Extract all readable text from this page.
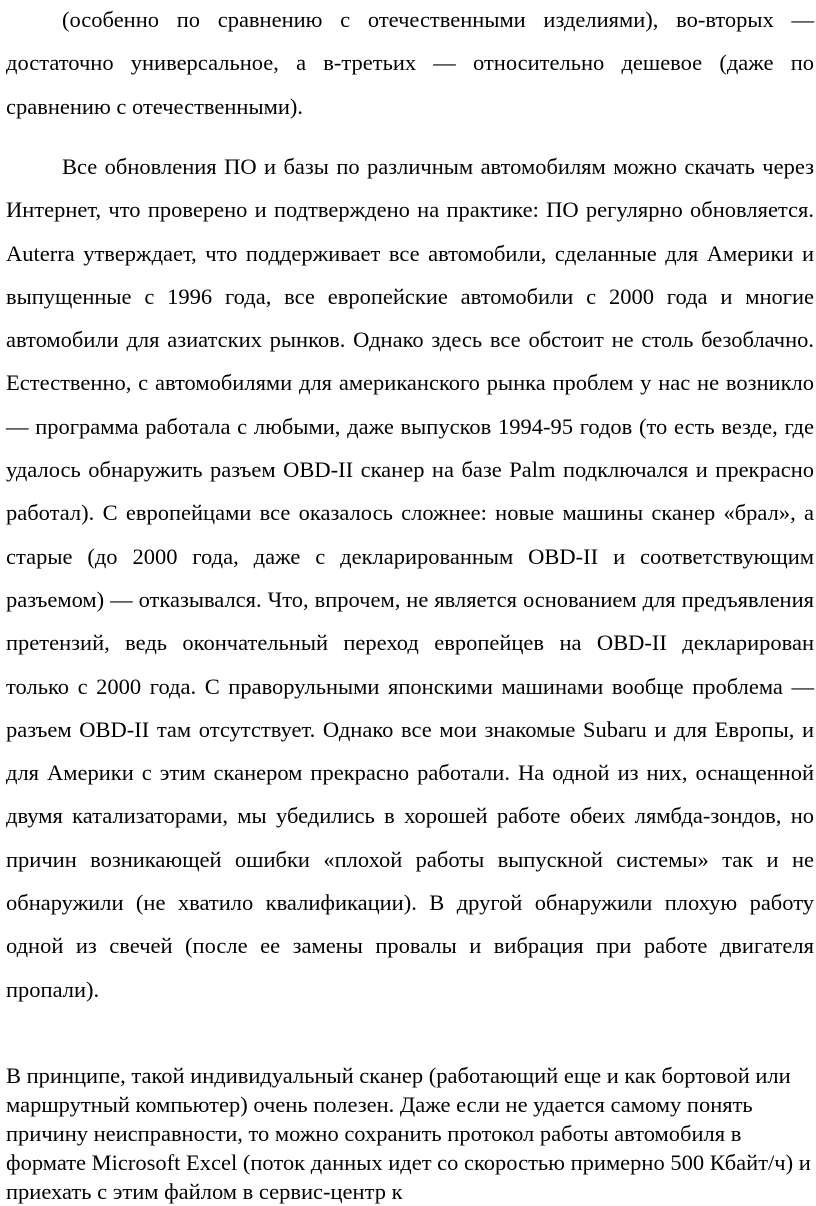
(особенно по сравнению с отечественными изделиями), во-вторых — достаточно универсальное, а в-третьих — относительно дешевое (даже по сравнению с отечественными).

Все обновления ПО и базы по различным автомобилям можно скачать через Интернет, что проверено и подтверждено на практике: ПО регулярно обновляется. Auterra утверждает, что поддерживает все автомобили, сделанные для Америки и выпущенные с 1996 года, все европейские автомобили с 2000 года и многие автомобили для азиатских рынков. Однако здесь все обстоит не столь безоблачно. Естественно, с автомобилями для американского рынка проблем у нас не возникло — программа работала с любыми, даже выпусков 1994-95 годов (то есть везде, где удалось обнаружить разъем OBD-II сканер на базе Palm подключался и прекрасно работал). С европейцами все оказалось сложнее: новые машины сканер «брал», а старые (до 2000 года, даже с декларированным OBD-II и соответствующим разъемом) — отказывался. Что, впрочем, не является основанием для предъявления претензий, ведь окончательный переход европейцев на OBD-II декларирован только с 2000 года. С праворульными японскими машинами вообще проблема — разъем OBD-II там отсутствует. Однако все мои знакомые Subaru и для Европы, и для Америки с этим сканером прекрасно работали. На одной из них, оснащенной двумя катализаторами, мы убедились в хорошей работе обеих лямбда-зондов, но причин возникающей ошибки «плохой работы выпускной системы» так и не обнаружили (не хватило квалификации). В другой обнаружили плохую работу одной из свечей (после ее замены провалы и вибрация при работе двигателя пропали).

В принципе, такой индивидуальный сканер (работающий еще и как бортовой или маршрутный компьютер) очень полезен. Даже если не удается самому понять причину неисправности, то можно сохранить протокол работы автомобиля в формате Microsoft Excel (поток данных идет со скоростью примерно 500 Кбайт/ч) и приехать с этим файлом в сервис-центр к
